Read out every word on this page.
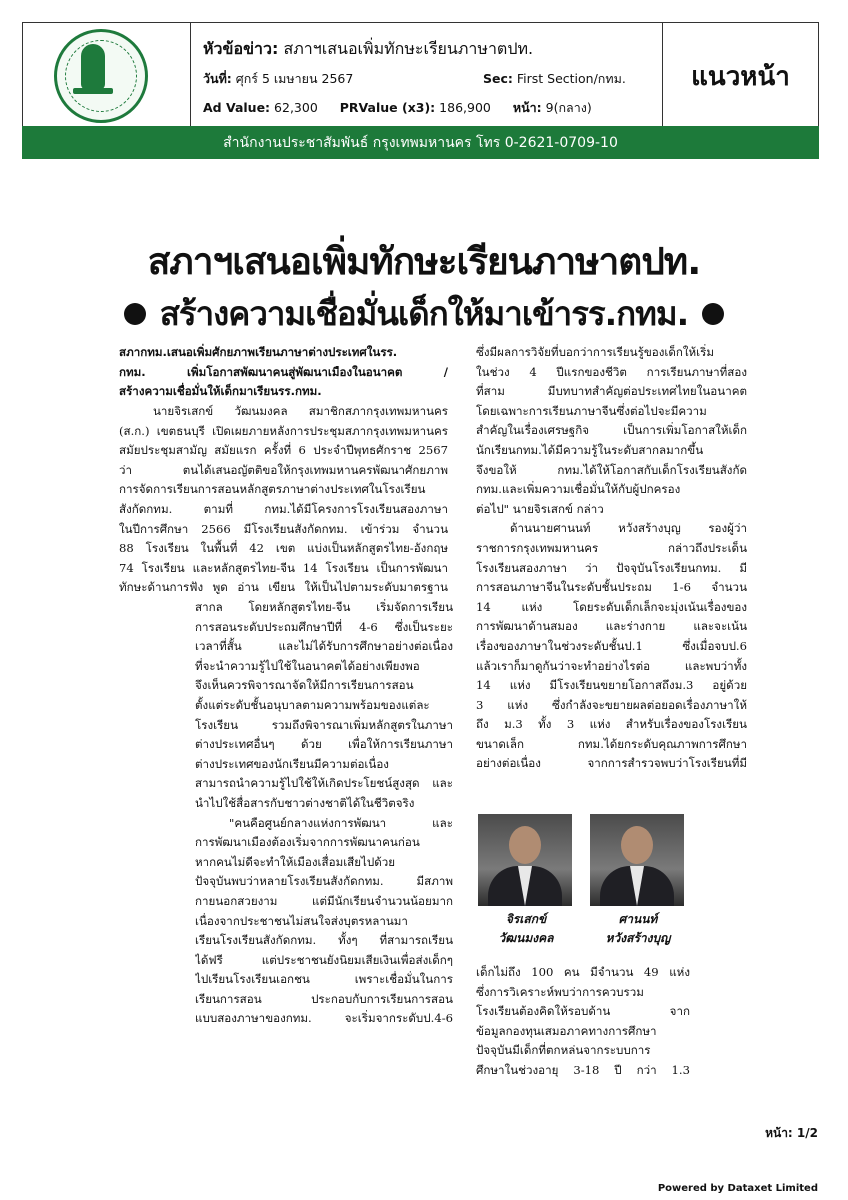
หัวข้อข่าว: สภาฯเสนอเพิ่มทักษะเรียนภาษาตปท.
วันที่: ศุกร์ 5 เมษายน 2567	Sec: First Section/กทม.
Ad Value: 62,300 PRValue (x3): 186,900 หน้า: 9(กลาง)
แนวหน้า
สำนักงานประชาสัมพันธ์ กรุงเทพมหานคร โทร 0-2621-0709-10
สภาฯเสนอเพิ่มทักษะเรียนภาษาตปท.
สร้างความเชื่อมั่นเด็กให้มาเข้ารร.กทม.

สภากทม.เสนอเพิ่มศักยภาพเรียนภาษาต่างประเทศในรร.

กทม. เพิ่มโอกาสพัฒนาคนสู่พัฒนาเมืองในอนาคต /

สร้างความเชื่อมั่นให้เด็กมาเรียนรร.กทม.

นายจิรเสกข์ วัฒนมงคล สมาชิกสภากรุงเทพมหานคร

(ส.ก.) เขตธนบุรี เปิดเผยภายหลังการประชุมสภากรุงเทพมหานคร

สมัยประชุมสามัญ สมัยแรก ครั้งที่ 6 ประจำปีพุทธศักราช 2567

ว่า ตนได้เสนอญัตติขอให้กรุงเทพมหานครพัฒนาศักยภาพ

การจัดการเรียนการสอนหลักสูตรภาษาต่างประเทศในโรงเรียน

สังกัดกทม. ตามที่ กทม.ได้มีโครงการโรงเรียนสองภาษา

ในปีการศึกษา 2566 มีโรงเรียนสังกัดกทม. เข้าร่วม จำนวน

88 โรงเรียน ในพื้นที่ 42 เขต แบ่งเป็นหลักสูตรไทย-อังกฤษ

74 โรงเรียน และหลักสูตรไทย-จีน 14 โรงเรียน เป็นการพัฒนา

ทักษะด้านการฟัง พูด อ่าน เขียน ให้เป็นไปตามระดับมาตรฐาน

สากล โดยหลักสูตรไทย-จีน เริ่มจัดการเรียน

การสอนระดับประถมศึกษาปีที่ 4-6 ซึ่งเป็นระยะ

เวลาที่สั้น และไม่ได้รับการศึกษาอย่างต่อเนื่อง

ที่จะนำความรู้ไปใช้ในอนาคตได้อย่างเพียงพอ

จึงเห็นควรพิจารณาจัดให้มีการเรียนการสอน

ตั้งแต่ระดับชั้นอนุบาลตามความพร้อมของแต่ละ

โรงเรียน รวมถึงพิจารณาเพิ่มหลักสูตรในภาษา

ต่างประเทศอื่นๆ ด้วย เพื่อให้การเรียนภาษา

ต่างประเทศของนักเรียนมีความต่อเนื่อง

สามารถนำความรู้ไปใช้ให้เกิดประโยชน์สูงสุด และ

นำไปใช้สื่อสารกับชาวต่างชาติได้ในชีวิตจริง

"คนคือศูนย์กลางแห่งการพัฒนา และ

การพัฒนาเมืองต้องเริ่มจากการพัฒนาคนก่อน

หากคนไม่ดีจะทำให้เมืองเสื่อมเสียไปด้วย

ปัจจุบันพบว่าหลายโรงเรียนสังกัดกทม. มีสภาพ

กายนอกสวยงาม แต่มีนักเรียนจำนวนน้อยมาก

เนื่องจากประชาชนไม่สนใจส่งบุตรหลานมา

เรียนโรงเรียนสังกัดกทม. ทั้งๆ ที่สามารถเรียน

ได้ฟรี แต่ประชาชนยังนิยมเสียเงินเพื่อส่งเด็กๆ

ไปเรียนโรงเรียนเอกชน เพราะเชื่อมั่นในการ

เรียนการสอน ประกอบกับการเรียนการสอน

แบบสองภาษาของกทม. จะเริ่มจากระดับป.4-6

ซึ่งมีผลการวิจัยที่บอกว่าการเรียนรู้ของเด็กให้เริ่ม

ในช่วง 4 ปีแรกของชีวิต การเรียนภาษาที่สอง

ที่สาม มีบทบาทสำคัญต่อประเทศไทยในอนาคต

โดยเฉพาะการเรียนภาษาจีนซึ่งต่อไปจะมีความ

สำคัญในเรื่องเศรษฐกิจ เป็นการเพิ่มโอกาสให้เด็ก

นักเรียนกทม.ได้มีความรู้ในระดับสากลมากขึ้น

จึงขอให้ กทม.ได้ให้โอกาสกับเด็กโรงเรียนสังกัด

กทม.และเพิ่มความเชื่อมั่นให้กับผู้ปกครอง

ต่อไป" นายจิรเสกข์ กล่าว

ด้านนายศานนท์ หวังสร้างบุญ รองผู้ว่า

ราชการกรุงเทพมหานคร กล่าวถึงประเด็น

โรงเรียนสองภาษา ว่า ปัจจุบันโรงเรียนกทม. มี

การสอนภาษาจีนในระดับชั้นประถม 1-6 จำนวน

14 แห่ง โดยระดับเด็กเล็กจะมุ่งเน้นเรื่องของ

การพัฒนาด้านสมอง และร่างกาย และจะเน้น

เรื่องของภาษาในช่วงระดับชั้นป.1 ซึ่งเมื่อจบป.6

แล้วเราก็มาดูกันว่าจะทำอย่างไรต่อ และพบว่าทั้ง

14 แห่ง มีโรงเรียนขยายโอกาสถึงม.3 อยู่ด้วย

3 แห่ง ซึ่งกำลังจะขยายผลต่อยอดเรื่องภาษาให้

ถึง ม.3 ทั้ง 3 แห่ง สำหรับเรื่องของโรงเรียน

ขนาดเล็ก กทม.ได้ยกระดับคุณภาพการศึกษา

อย่างต่อเนื่อง จากการสำรวจพบว่าโรงเรียนที่มี

จิรเสกข์
วัฒนมงคล
ศานนท์
หวังสร้างบุญ

เด็กไม่ถึง 100 คน มีจำนวน 49 แห่ง

ซึ่งการวิเคราะห์พบว่าการควบรวม

โรงเรียนต้องคิดให้รอบด้าน จาก

ข้อมูลกองทุนเสมอภาคทางการศึกษา

ปัจจุบันมีเด็กที่ตกหล่นจากระบบการ

ศึกษาในช่วงอายุ 3-18 ปี กว่า 1.3

หน้า: 1/2
Powered by Dataxet Limited
